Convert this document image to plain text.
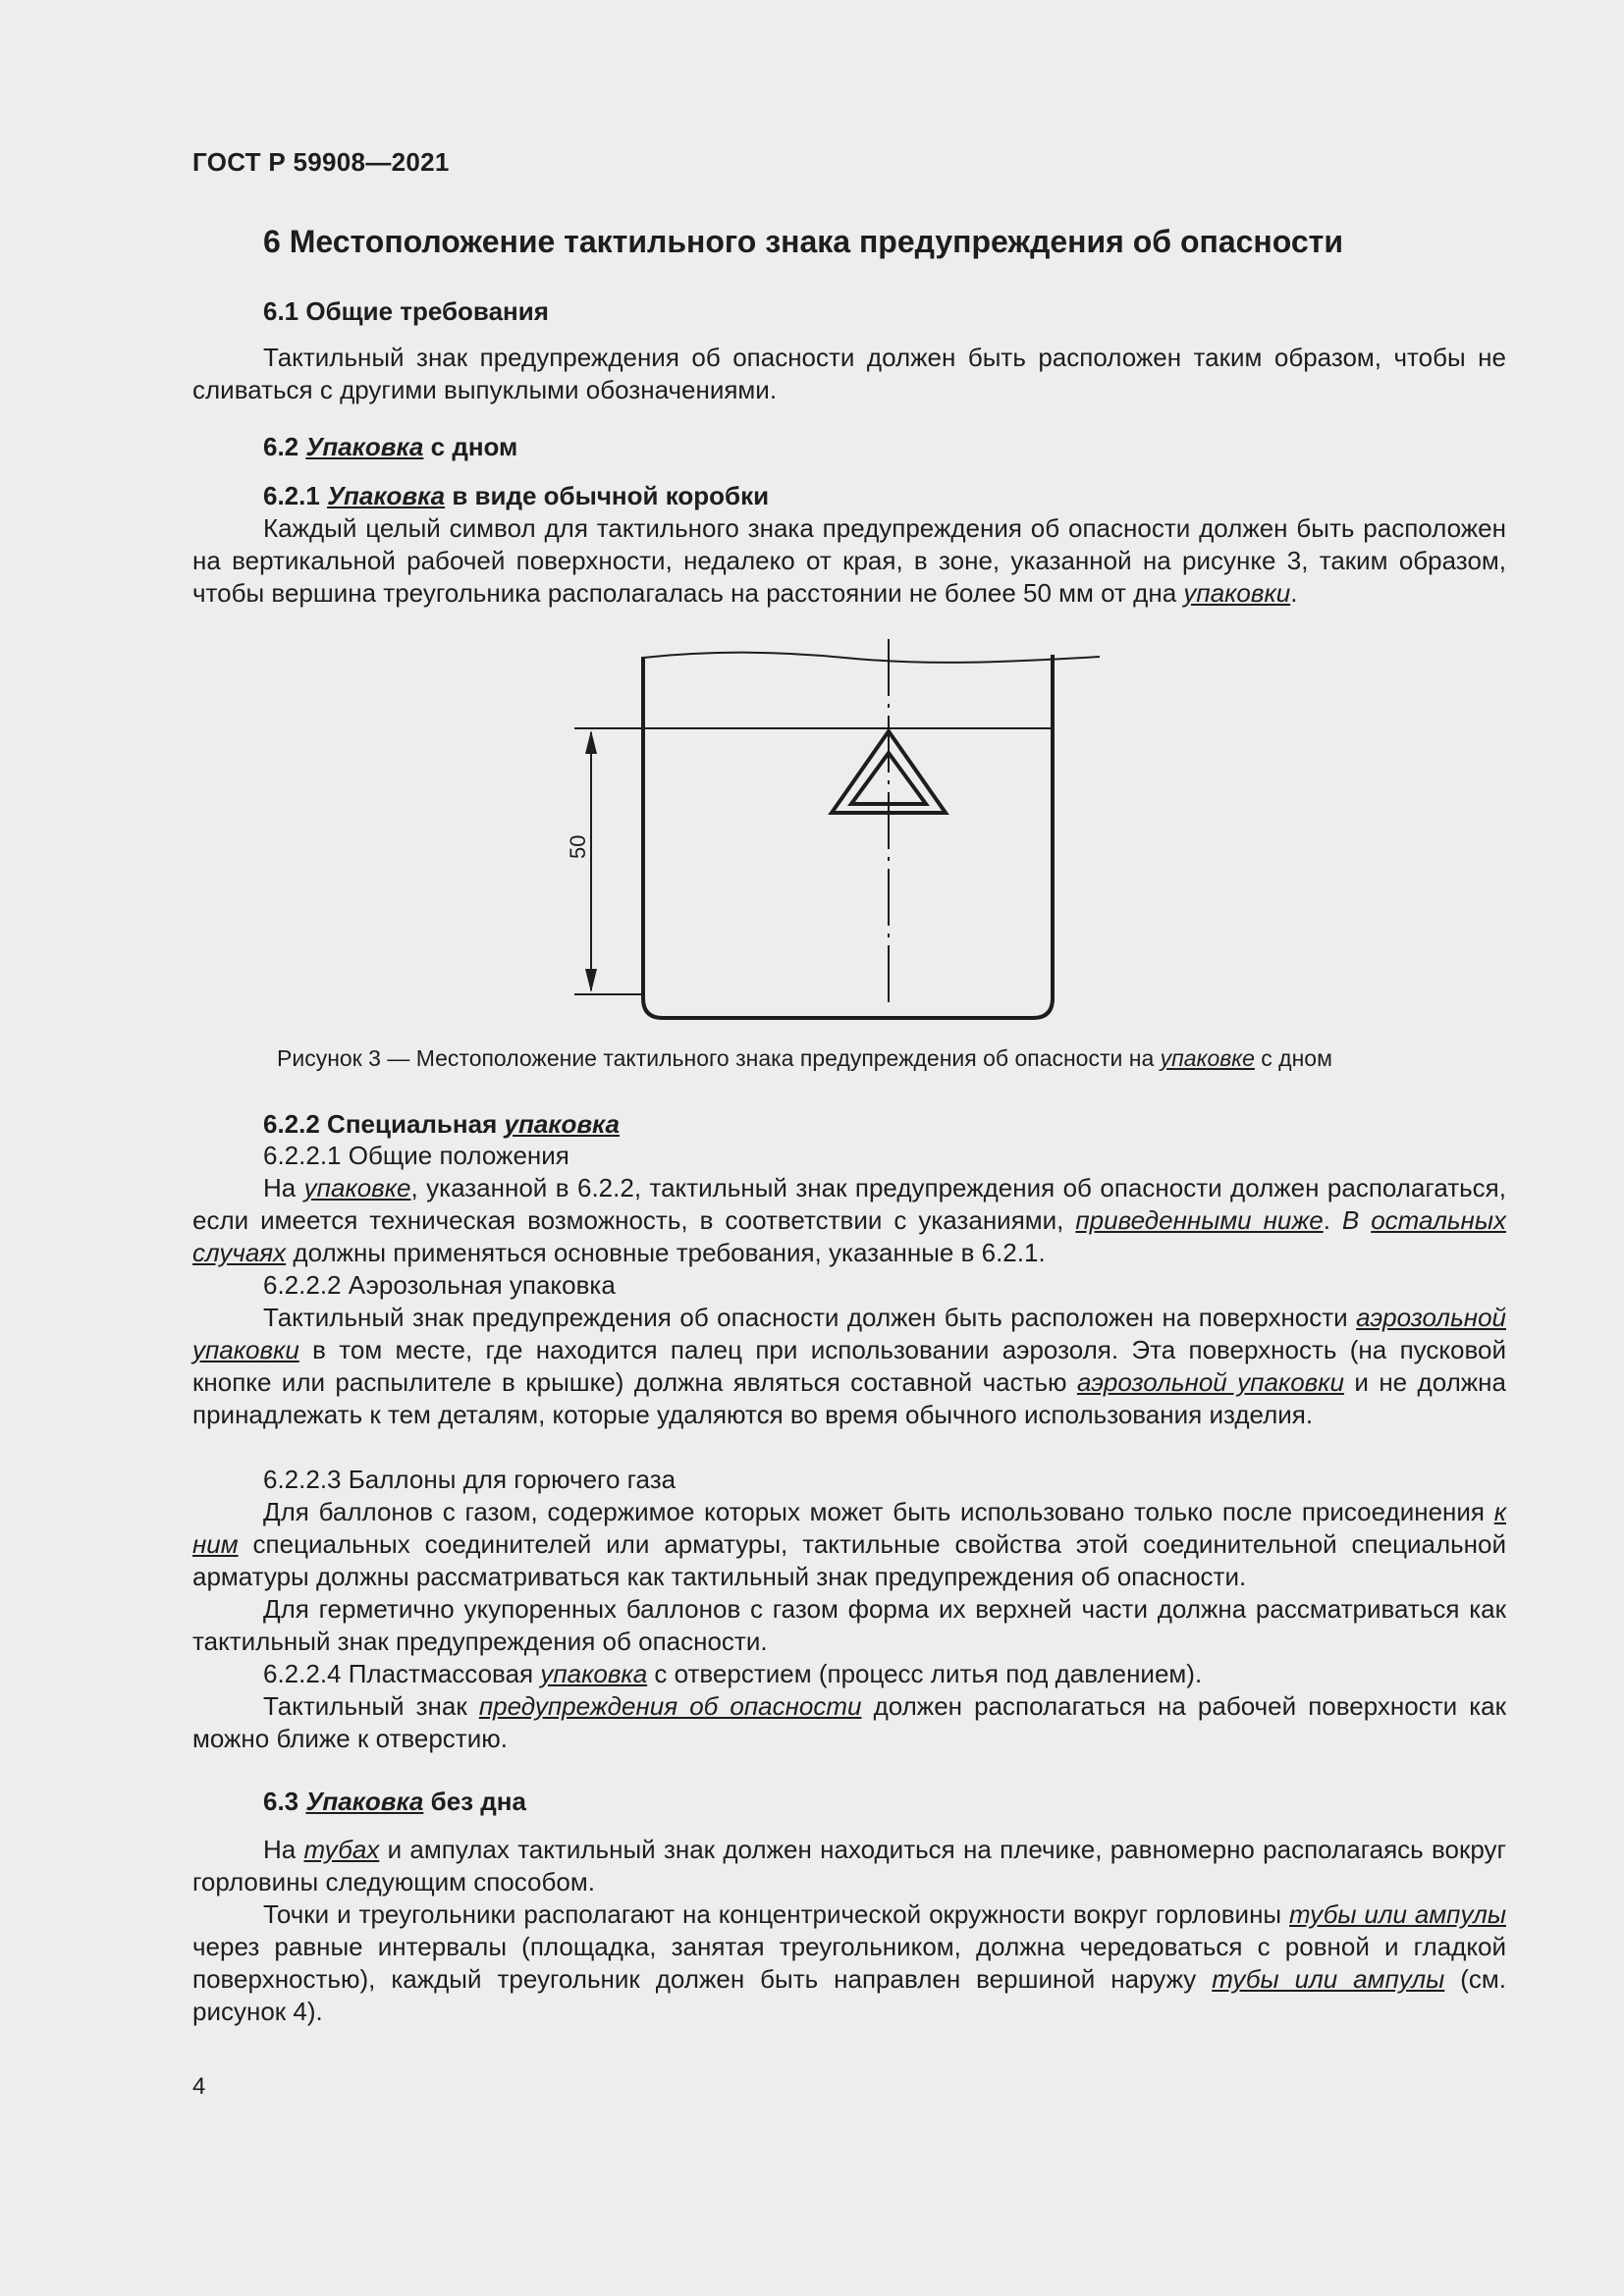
ГОСТ Р 59908—2021
6 Местоположение тактильного знака предупреждения об опасности
6.1 Общие требования

Тактильный знак предупреждения об опасности должен быть расположен таким образом, чтобы не сливаться с другими выпуклыми обозначениями.

6.2 Упаковка с дном
6.2.1 Упаковка в виде обычной коробки

Каждый целый символ для тактильного знака предупреждения об опасности должен быть расположен на вертикальной рабочей поверхности, недалеко от края, в зоне, указанной на рисунке 3, таким образом, чтобы вершина треугольника располагалась на расстоянии не более 50 мм от дна упаковки.

50
Рисунок 3 — Местоположение тактильного знака предупреждения об опасности на упаковке с дном
6.2.2 Специальная упаковка
6.2.2.1 Общие положения

На упаковке, указанной в 6.2.2, тактильный знак предупреждения об опасности должен располагаться, если имеется техническая возможность, в соответствии с указаниями, приведенными ниже. В остальных случаях должны применяться основные требования, указанные в 6.2.1.

6.2.2.2 Аэрозольная упаковка

Тактильный знак предупреждения об опасности должен быть расположен на поверхности аэрозольной упаковки в том месте, где находится палец при использовании аэрозоля. Эта поверхность (на пусковой кнопке или распылителе в крышке) должна являться составной частью аэрозольной упаковки и не должна принадлежать к тем деталям, которые удаляются во время обычного использования изделия.

6.2.2.3 Баллоны для горючего газа

Для баллонов с газом, содержимое которых может быть использовано только после присоединения к ним специальных соединителей или арматуры, тактильные свойства этой соединительной специальной арматуры должны рассматриваться как тактильный знак предупреждения об опасности.

Для герметично укупоренных баллонов с газом форма их верхней части должна рассматриваться как тактильный знак предупреждения об опасности.

6.2.2.4 Пластмассовая упаковка с отверстием (процесс литья под давлением).

Тактильный знак предупреждения об опасности должен располагаться на рабочей поверхности как можно ближе к отверстию.

6.3 Упаковка без дна

На тубах и ампулах тактильный знак должен находиться на плечике, равномерно располагаясь вокруг горловины следующим способом.

Точки и треугольники располагают на концентрической окружности вокруг горловины тубы или ампулы через равные интервалы (площадка, занятая треугольником, должна чередоваться с ровной и гладкой поверхностью), каждый треугольник должен быть направлен вершиной наружу тубы или ампулы (см. рисунок 4).

4
